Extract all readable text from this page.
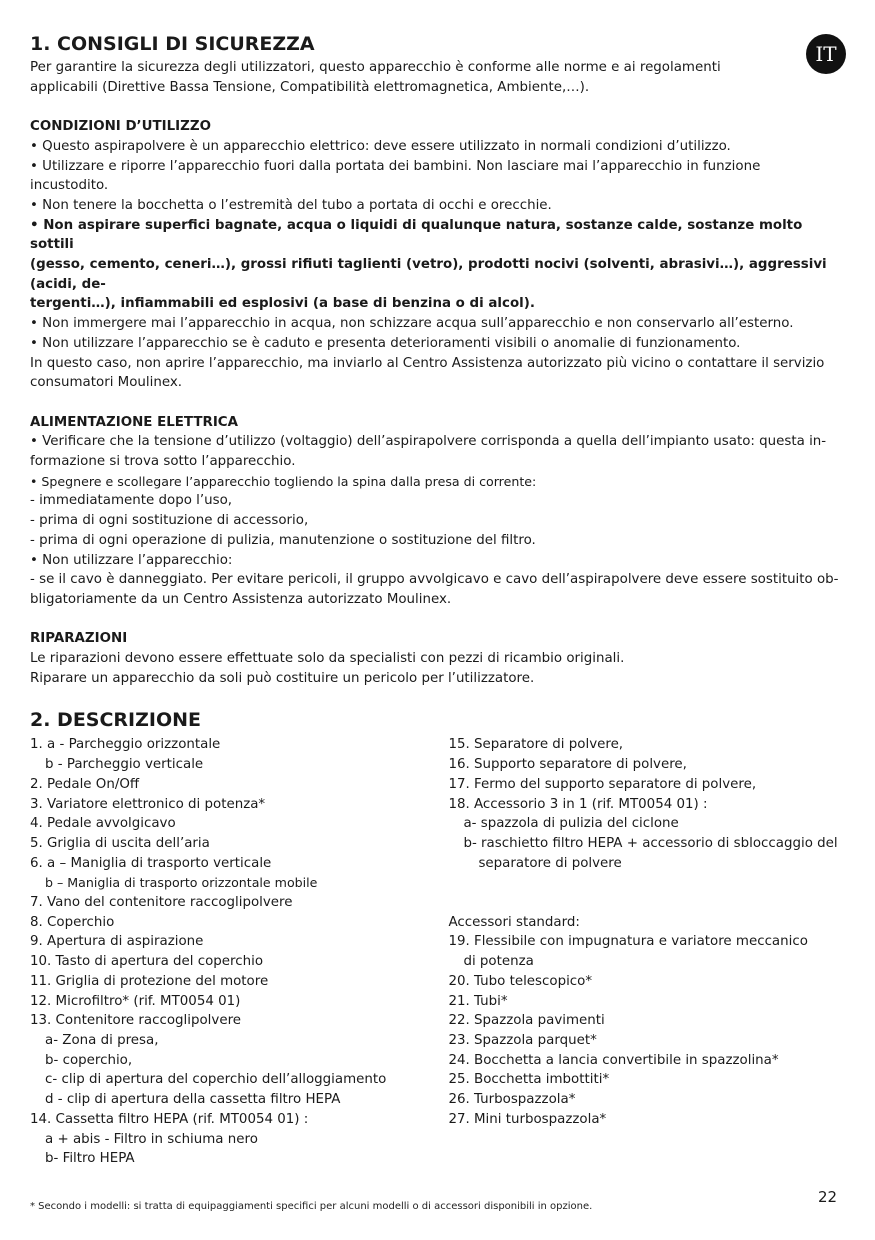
IT
1. CONSIGLI DI SICUREZZA

Per garantire la sicurezza degli utilizzatori, questo apparecchio è conforme alle norme e ai regolamenti

applicabili (Direttive Bassa Tensione, Compatibilità elettromagnetica, Ambiente,…).

CONDIZIONI D’UTILIZZO

• Questo aspirapolvere è un apparecchio elettrico: deve essere utilizzato in normali condizioni d’utilizzo.

• Utilizzare e riporre l’apparecchio fuori dalla portata dei bambini. Non lasciare mai l’apparecchio in funzione incustodito.

• Non tenere la bocchetta o l’estremità del tubo a portata di occhi e orecchie.

• Non aspirare superfici bagnate, acqua o liquidi di qualunque natura, sostanze calde, sostanze molto sottili

(gesso, cemento, ceneri…), grossi rifiuti taglienti (vetro), prodotti nocivi (solventi, abrasivi…), aggressivi (acidi, de-

tergenti…), infiammabili ed esplosivi (a base di benzina o di alcol).

• Non immergere mai l’apparecchio in acqua, non schizzare acqua sull’apparecchio e non conservarlo all’esterno.

• Non utilizzare l’apparecchio se è caduto e presenta deterioramenti visibili o anomalie di funzionamento.

In questo caso, non aprire l’apparecchio, ma inviarlo al Centro Assistenza autorizzato più vicino o contattare il servizio

consumatori Moulinex.

ALIMENTAZIONE ELETTRICA

• Verificare che la tensione d’utilizzo (voltaggio) dell’aspirapolvere corrisponda a quella dell’impianto usato: questa in-

formazione si trova sotto l’apparecchio.

• Spegnere e scollegare l’apparecchio togliendo la spina dalla presa di corrente:

- immediatamente dopo l’uso,

- prima di ogni sostituzione di accessorio,

- prima di ogni operazione di pulizia, manutenzione o sostituzione del filtro.

• Non utilizzare l’apparecchio:

- se il cavo è danneggiato. Per evitare pericoli, il gruppo avvolgicavo e cavo dell’aspirapolvere deve essere sostituito ob-

bligatoriamente da un Centro Assistenza autorizzato Moulinex.

RIPARAZIONI

Le riparazioni devono essere effettuate solo da specialisti con pezzi di ricambio originali.

Riparare un apparecchio da soli può costituire un pericolo per l’utilizzatore.

2. DESCRIZIONE
1. a - Parcheggio orizzontale
b - Parcheggio verticale
2. Pedale On/Off
3. Variatore elettronico di potenza*
4. Pedale avvolgicavo
5. Griglia di uscita dell’aria
6. a – Maniglia di trasporto verticale
b – Maniglia di trasporto orizzontale mobile
7. Vano del contenitore raccoglipolvere
8. Coperchio
9. Apertura di aspirazione
10. Tasto di apertura del coperchio
11. Griglia di protezione del motore
12. Microfiltro* (rif. MT0054 01)
13. Contenitore raccoglipolvere
a- Zona di presa,
b- coperchio,
c- clip di apertura del coperchio dell’alloggiamento
d - clip di apertura della cassetta filtro HEPA
14. Cassetta filtro HEPA (rif. MT0054 01) :
a + abis - Filtro in schiuma nero
b- Filtro HEPA
15. Separatore di polvere,
16. Supporto separatore di polvere,
17. Fermo del supporto separatore di polvere,
18. Accessorio 3 in 1 (rif. MT0054 01) :
a- spazzola di pulizia del ciclone
b- raschietto filtro HEPA + accessorio di sbloccaggio del
separatore di polvere
Accessori standard:
19. Flessibile con impugnatura e variatore meccanico
di potenza
20. Tubo telescopico*
21. Tubi*
22. Spazzola pavimenti
23. Spazzola parquet*
24. Bocchetta a lancia convertibile in spazzolina*
25. Bocchetta imbottiti*
26. Turbospazzola*
27. Mini turbospazzola*
22
* Secondo i modelli: si tratta di equipaggiamenti specifici per alcuni modelli o di accessori disponibili in opzione.
